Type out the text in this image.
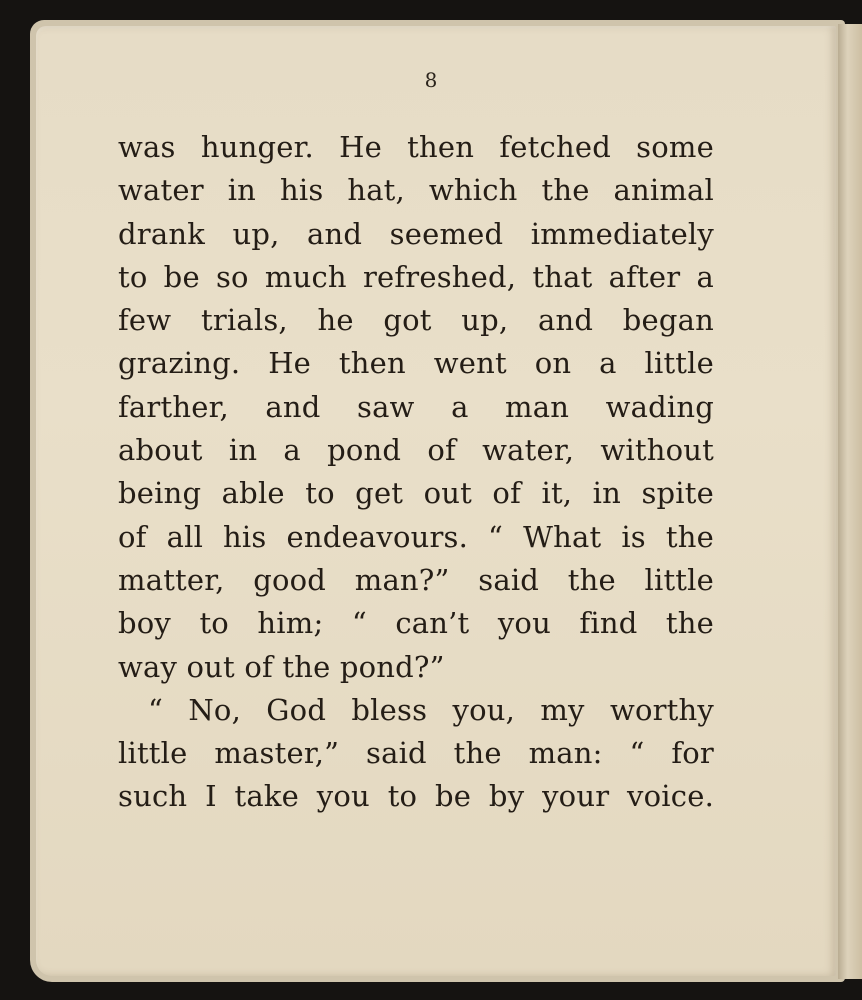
8
was hunger. He then fetched some
water in his hat, which the animal
drank up, and seemed immediately
to be so much refreshed, that after a
few trials, he got up, and began
grazing. He then went on a little
farther, and saw a man wading
about in a pond of water, without
being able to get out of it, in spite
of all his endeavours. “ What is the
matter, good man?” said the little
boy to him; “ can’t you find the
way out of the pond?”
“ No, God bless you, my worthy
little master,” said the man: “ for
such I take you to be by your voice.
